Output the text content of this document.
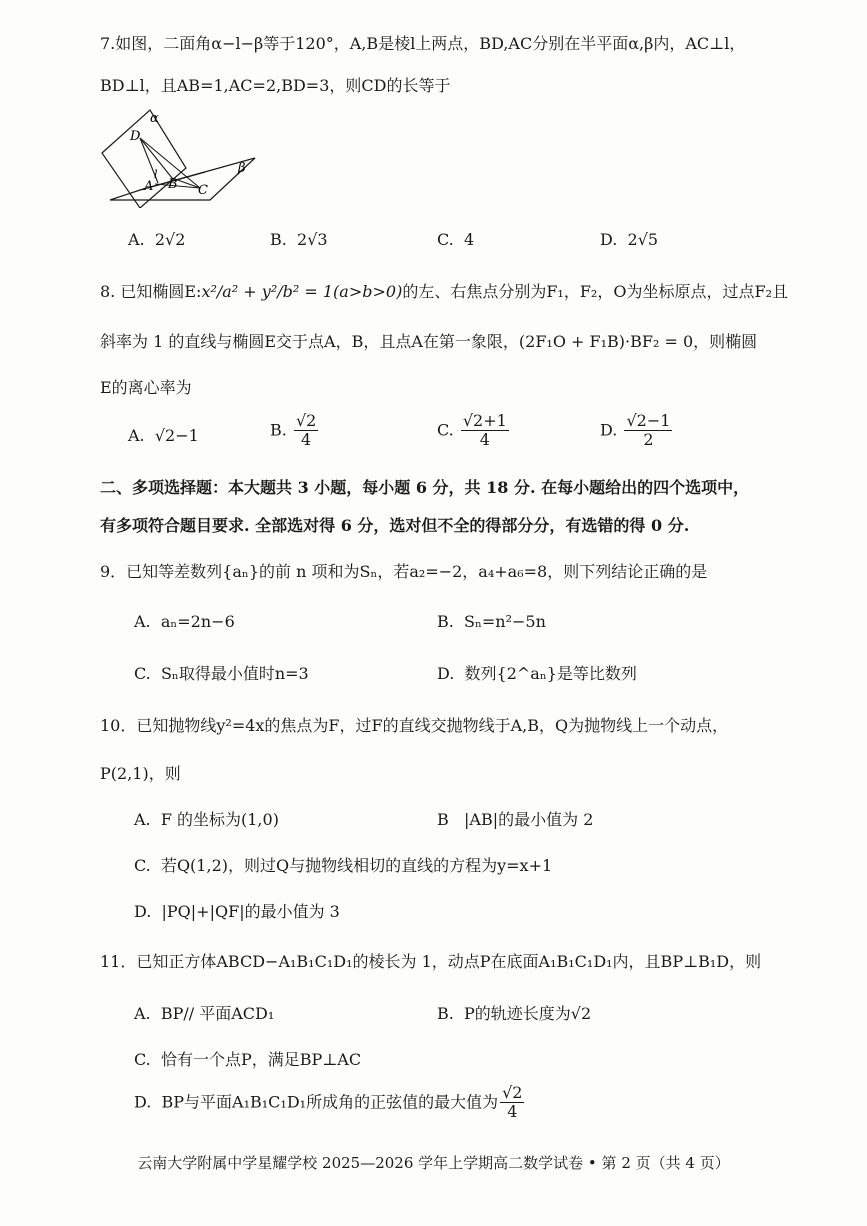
7.如图，二面角α−l−β等于120°，A,B是棱l上两点，BD,AC分别在半平面α,β内，AC⊥l，
BD⊥l，且AB=1,AC=2,BD=3，则CD的长等于
α
D
β
A
l
B C
A. 2√2	B. 2√3	C. 4	D. 2√5
8. 已知椭圆E:x²/a² + y²/b² = 1(a>b>0)的左、右焦点分别为F₁，F₂，O为坐标原点，过点F₂且
斜率为 1 的直线与椭圆E交于点A，B，且点A在第一象限，(2F₁O + F₁B)·BF₂ = 0，则椭圆
E的离心率为
A. √2−1	B. $\frac{√2}{4}$	C. $\frac{√2+1}{4}$	D. $\frac{√2-1}{2}$
二、多项选择题：本大题共 3 小题，每小题 6 分，共 18 分. 在每小题给出的四个选项中，
有多项符合题目要求. 全部选对得 6 分，选对但不全的得部分分，有选错的得 0 分.
9．已知等差数列{aₙ}的前 n 项和为Sₙ，若a₂=−2，a₄+a₆=8，则下列结论正确的是
A. aₙ=2n−6	B. Sₙ=n²−5n
C. Sₙ取得最小值时n=3	D. 数列{2^aₙ}是等比数列
10．已知抛物线y²=4x的焦点为F，过F的直线交抛物线于A,B，Q为抛物线上一个动点，
P(2,1)，则
A. F 的坐标为(1,0)	B |AB|的最小值为 2
C. 若Q(1,2)，则过Q与抛物线相切的直线的方程为y=x+1
D. |PQ|+|QF|的最小值为 3
11．已知正方体ABCD−A₁B₁C₁D₁的棱长为 1，动点P在底面A₁B₁C₁D₁内，且BP⊥B₁D，则
A. BP// 平面ACD₁	B. P的轨迹长度为√2
C. 恰有一个点P，满足BP⊥AC
D. BP与平面A₁B₁C₁D₁所成角的正弦值的最大值为 $\frac{√2}{4}$
云南大学附属中学星耀学校 2025—2026 学年上学期高二数学试卷 • 第 2 页（共 4 页）
